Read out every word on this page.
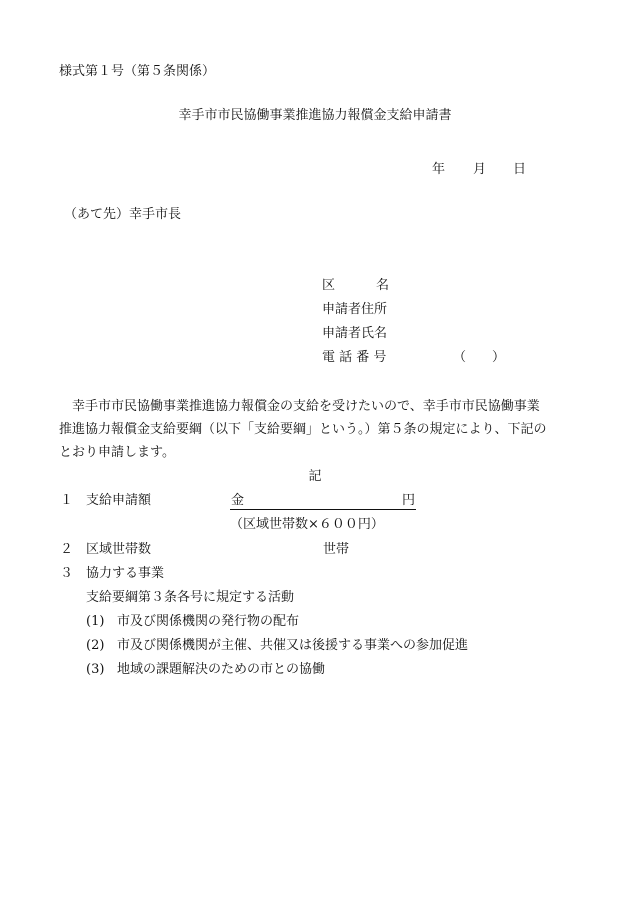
様式第１号（第５条関係）
幸手市市民協働事業推進協力報償金支給申請書
年 月 日
（あて先）幸手市長
区	名
申請者住所
申請者氏名
電 話 番 号	（　　）
幸手市市民協働事業推進協力報償金の支給を受けたいので、幸手市市民協働事業推進協力報償金支給要綱（以下「支給要綱」という。）第５条の規定により、下記のとおり申請します。
記
１ 支給申請額	金	円
（区域世帯数×６００円）
２ 区域世帯数	世帯
３ 協力する事業
支給要綱第３条各号に規定する活動
(1) 市及び関係機関の発行物の配布
(2) 市及び関係機関が主催、共催又は後援する事業への参加促進
(3) 地域の課題解決のための市との協働
